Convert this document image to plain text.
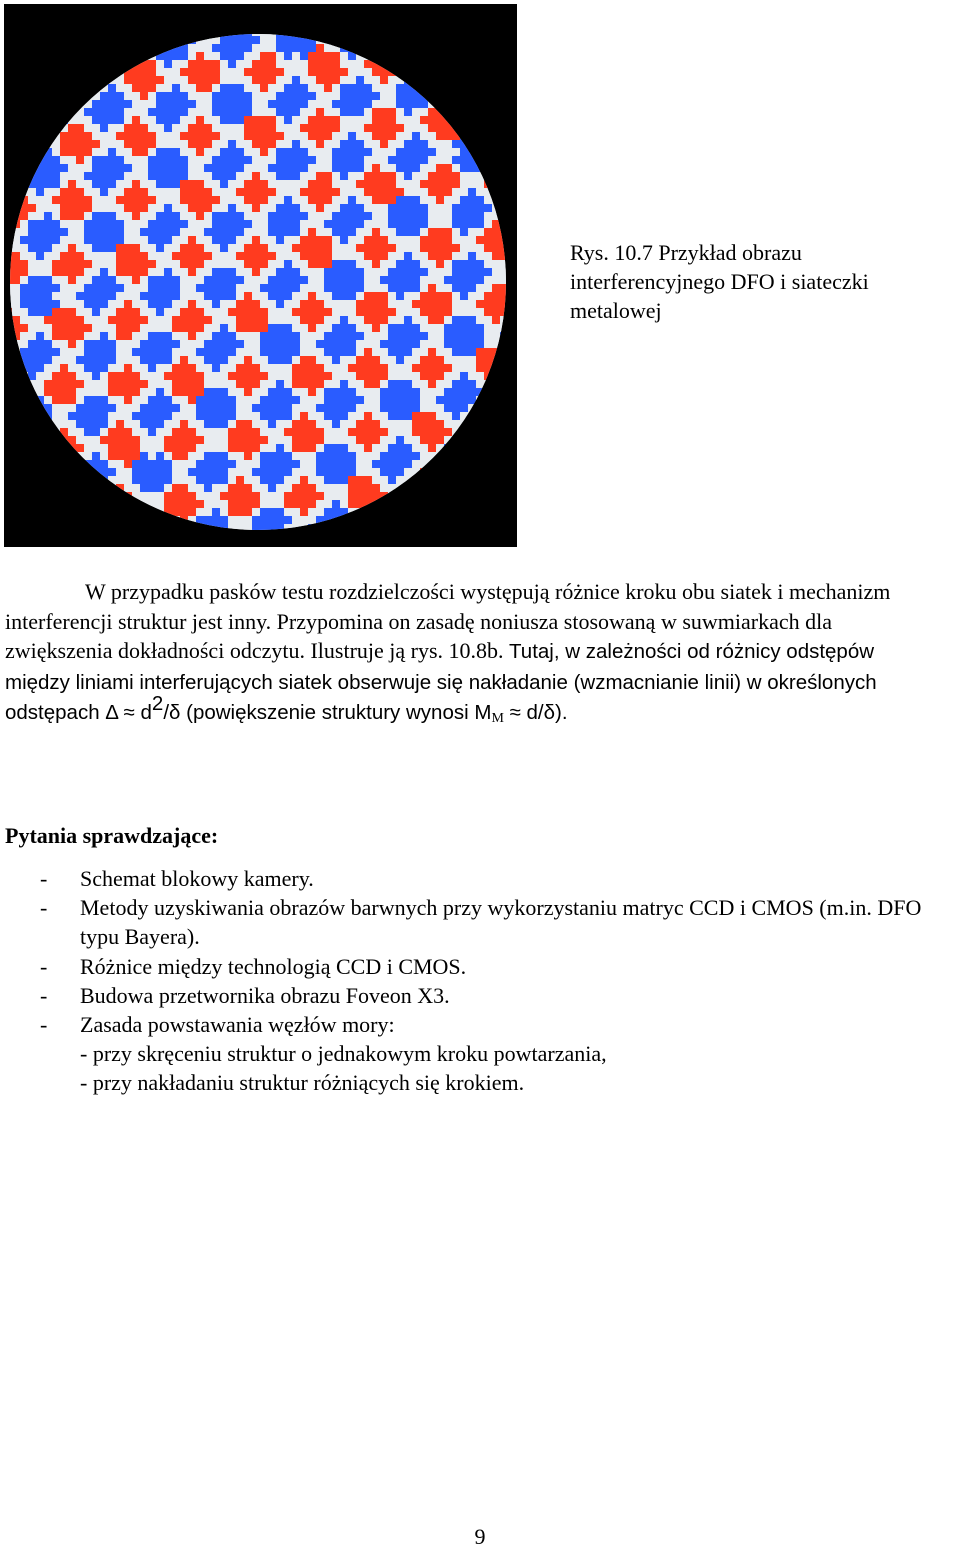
Rys. 10.7 Przykład obrazu
interferencyjnego DFO i siateczki
metalowej

W przypadku pasków testu rozdzielczości występują różnice kroku obu siatek i mechanizm interferencji struktur jest inny. Przypomina on zasadę noniusza stosowaną w suwmiarkach dla zwiększenia dokładności odczytu. Ilustruje ją rys. 10.8b. Tutaj, w zależności od różnicy odstępów między liniami interferujących siatek obserwuje się nakładanie (wzmacnianie linii) w określonych odstępach $\Delta \approx d^2/\delta$ (powiększenie struktury wynosi $M_M \approx d/\delta$).

Pytania sprawdzające:
- Schemat blokowy kamery.
- Metody uzyskiwania obrazów barwnych przy wykorzystaniu matryc CCD i CMOS (m.in. DFO typu Bayera).
- Różnice między technologią CCD i CMOS.
- Budowa przetwornika obrazu Foveon X3.
- Zasada powstawania węzłów mory:
- przy skręceniu struktur o jednakowym kroku powtarzania,
- przy nakładaniu struktur różniących się krokiem.
9
